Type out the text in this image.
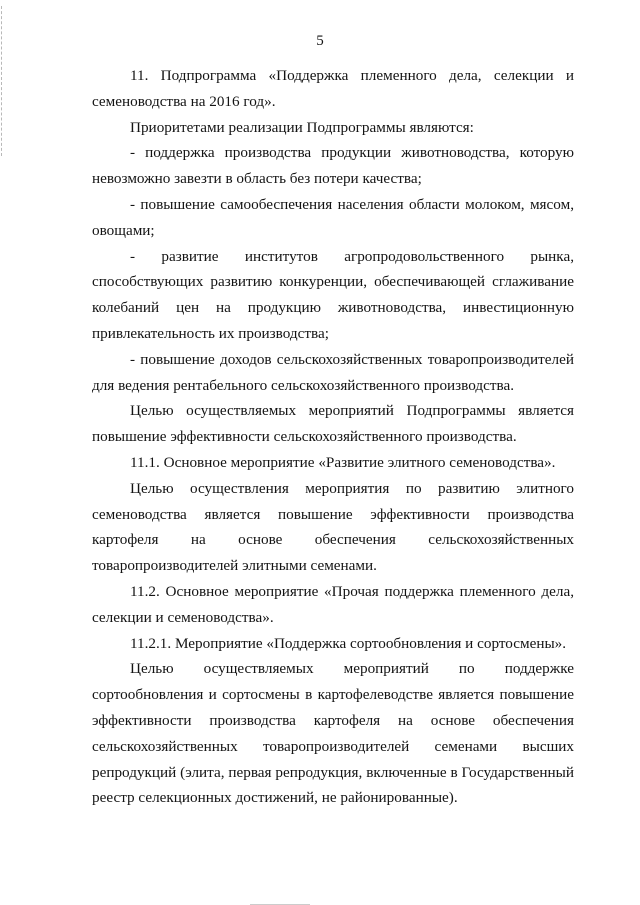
5

11. Подпрограмма «Поддержка племенного дела, селекции и семеноводства на 2016 год».

Приоритетами реализации Подпрограммы являются:

- поддержка производства продукции животноводства, которую невозможно завезти в область без потери качества;

- повышение самообеспечения населения области молоком, мясом, овощами;

- развитие институтов агропродовольственного рынка, способствующих развитию конкуренции, обеспечивающей сглаживание колебаний цен на продукцию животноводства, инвестиционную привлекательность их производства;

- повышение доходов сельскохозяйственных товаропроизводителей для ведения рентабельного сельскохозяйственного производства.

Целью осуществляемых мероприятий Подпрограммы является повышение эффективности сельскохозяйственного производства.

11.1. Основное мероприятие «Развитие элитного семеноводства».

Целью осуществления мероприятия по развитию элитного семеноводства является повышение эффективности производства картофеля на основе обеспечения сельскохозяйственных товаропроизводителей элитными семенами.

11.2. Основное мероприятие «Прочая поддержка племенного дела, селекции и семеноводства».

11.2.1. Мероприятие «Поддержка сортообновления и сортосмены».

Целью осуществляемых мероприятий по поддержке сортообновления и сортосмены в картофелеводстве является повышение эффективности производства картофеля на основе обеспечения сельскохозяйственных товаропроизводителей семенами высших репродукций (элита, первая репродукция, включенные в Государственный реестр селекционных достижений, не районированные).
